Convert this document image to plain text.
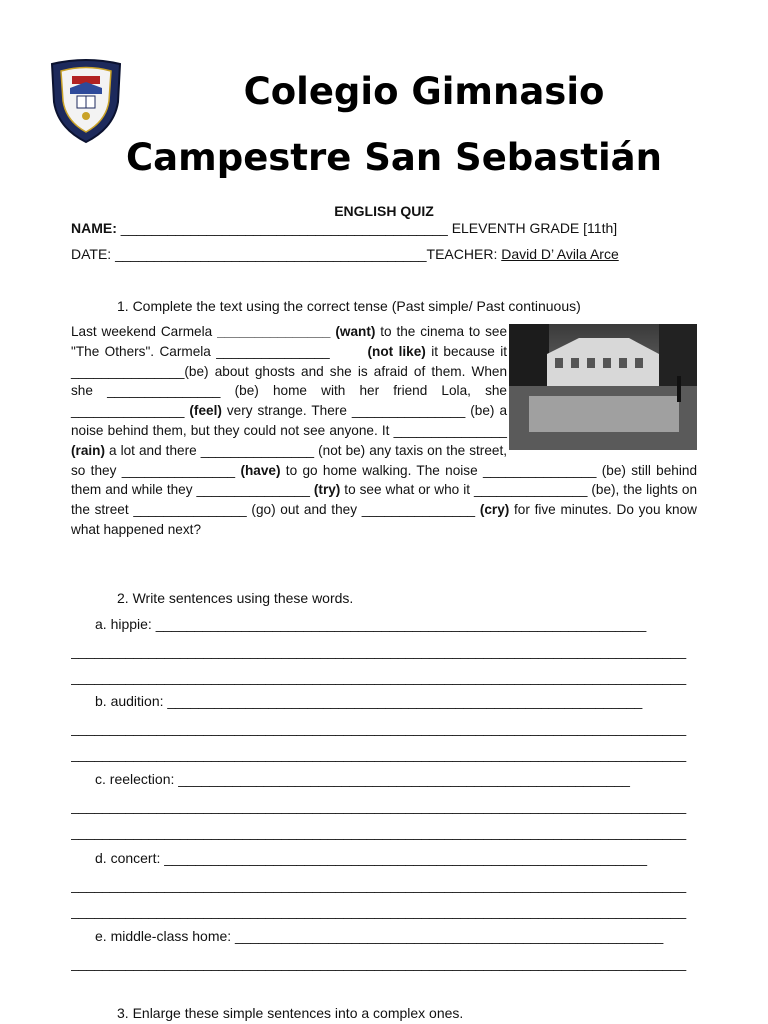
Colegio Gimnasio
Campestre San Sebastián
ENGLISH QUIZ
NAME: __________________________________________ ELEVENTH GRADE [11th]
DATE: ________________________________________TEACHER: David D’ Avila Arce
1. Complete the text using the correct tense (Past simple/ Past continuous)
Last weekend Carmela _______________ (want) to the cinema to see "The Others". Carmela _______________	(not like) it because it _______________(be) about ghosts and she is afraid of them. When she _______________ (be) home with her friend Lola, she _______________ (feel) very strange. There _______________ (be) a noise behind them, but they could not see anyone. It _______________ (rain) a lot and there _______________ (not be) any taxis on the street, so they _______________ (have) to go home walking. The noise _______________ (be) still behind them and while they _______________ (try) to see what or who it _______________ (be), the lights on the street _______________ (go) out and they _______________ (cry) for five minutes. Do you know what happened next?
2. Write sentences using these words.
a. hippie: _______________________________________________________________
_______________________________________________________________________________
_______________________________________________________________________________
b. audition: _____________________________________________________________
_______________________________________________________________________________
_______________________________________________________________________________
c. reelection: __________________________________________________________
_______________________________________________________________________________
_______________________________________________________________________________
d. concert: ______________________________________________________________
_______________________________________________________________________________
_______________________________________________________________________________
e. middle-class home: _______________________________________________________
_______________________________________________________________________________
3. Enlarge these simple sentences into a complex ones.
